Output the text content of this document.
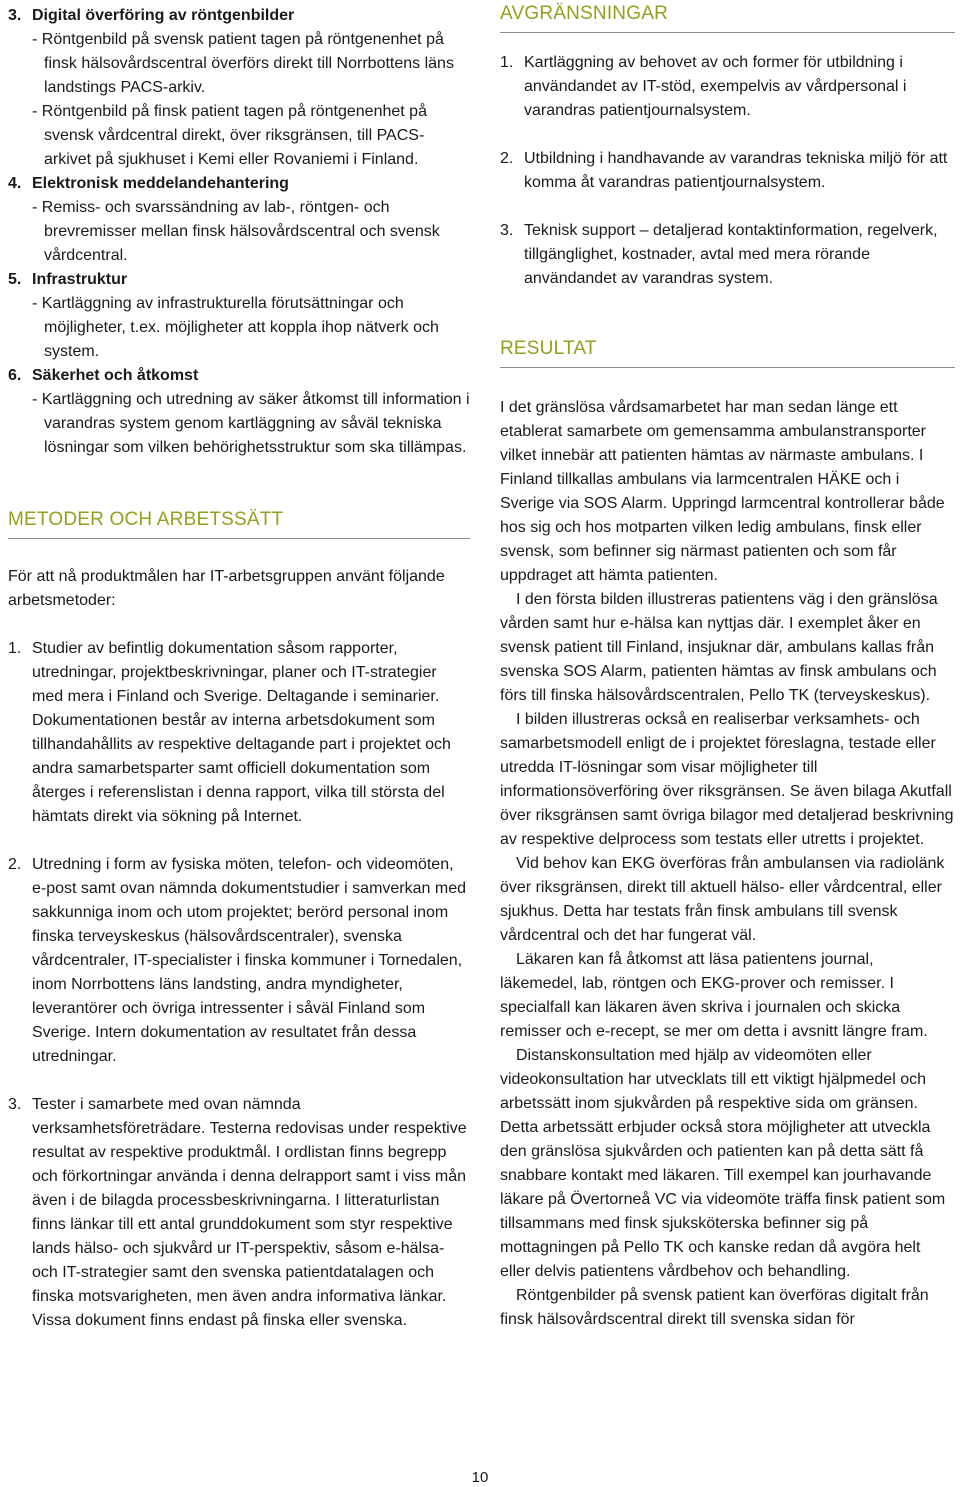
3. Digital överföring av röntgenbilder
- Röntgenbild på svensk patient tagen på röntgenenhet på finsk hälsovårdscentral överförs direkt till Norrbottens läns landstings PACS-arkiv.
- Röntgenbild på finsk patient tagen på röntgenenhet på svensk vårdcentral direkt, över riksgränsen, till PACS-arkivet på sjukhuset i Kemi eller Rovaniemi i Finland.
4. Elektronisk meddelandehantering
- Remiss- och svarssändning av lab-, röntgen- och brevremisser mellan finsk hälsovårdscentral och svensk vårdcentral.
5. Infrastruktur
- Kartläggning av infrastrukturella förutsättningar och möjligheter, t.ex. möjligheter att koppla ihop nätverk och system.
6. Säkerhet och åtkomst
- Kartläggning och utredning av säker åtkomst till information i varandras system genom kartläggning av såväl tekniska lösningar som vilken behörighetsstruktur som ska tillämpas.
METODER OCH ARBETSSÄTT

För att nå produktmålen har IT-arbetsgruppen använt följande arbetsmetoder:

1. Studier av befintlig dokumentation såsom rapporter, utredningar, projektbeskrivningar, planer och IT-strategier med mera i Finland och Sverige. Deltagande i seminarier. Dokumentationen består av interna arbetsdokument som tillhandahållits av respektive deltagande part i projektet och andra samarbetsparter samt officiell dokumentation som återges i referenslistan i denna rapport, vilka till största del hämtats direkt via sökning på Internet.
2. Utredning i form av fysiska möten, telefon- och videomöten, e-post samt ovan nämnda dokumentstudier i samverkan med sakkunniga inom och utom projektet; berörd personal inom finska terveyskeskus (hälsovårdscentraler), svenska vårdcentraler, IT-specialister i finska kommuner i Tornedalen, inom Norrbottens läns landsting, andra myndigheter, leverantörer och övriga intressenter i såväl Finland som Sverige. Intern dokumentation av resultatet från dessa utredningar.
3. Tester i samarbete med ovan nämnda verksamhetsföreträdare. Testerna redovisas under respektive resultat av respektive produktmål. I ordlistan finns begrepp och förkortningar använda i denna delrapport samt i viss mån även i de bilagda processbeskrivningarna. I litteraturlistan finns länkar till ett antal grunddokument som styr respektive lands hälso- och sjukvård ur IT-perspektiv, såsom e-hälsa- och IT-strategier samt den svenska patientdatalagen och finska motsvarigheten, men även andra informativa länkar. Vissa dokument finns endast på finska eller svenska.
AVGRÄNSNINGAR
1. Kartläggning av behovet av och former för utbildning i användandet av IT-stöd, exempelvis av vårdpersonal i varandras patientjournalsystem.
2. Utbildning i handhavande av varandras tekniska miljö för att komma åt varandras patientjournalsystem.
3. Teknisk support – detaljerad kontaktinformation, regelverk, tillgänglighet, kostnader, avtal med mera rörande användandet av varandras system.
RESULTAT

I det gränslösa vårdsamarbetet har man sedan länge ett etablerat samarbete om gemensamma ambulanstransporter vilket innebär att patienten hämtas av närmaste ambulans. I Finland tillkallas ambulans via larmcentralen HÄKE och i Sverige via SOS Alarm. Uppringd larmcentral kontrollerar både hos sig och hos motparten vilken ledig ambulans, finsk eller svensk, som befinner sig närmast patienten och som får uppdraget att hämta patienten.

I den första bilden illustreras patientens väg i den gränslösa vården samt hur e-hälsa kan nyttjas där. I exemplet åker en svensk patient till Finland, insjuknar där, ambulans kallas från svenska SOS Alarm, patienten hämtas av finsk ambulans och förs till finska hälsovårdscentralen, Pello TK (terveyskeskus).

I bilden illustreras också en realiserbar verksamhets- och samarbetsmodell enligt de i projektet föreslagna, testade eller utredda IT-lösningar som visar möjligheter till informationsöverföring över riksgränsen. Se även bilaga Akutfall över riksgränsen samt övriga bilagor med detaljerad beskrivning av respektive delprocess som testats eller utretts i projektet.

Vid behov kan EKG överföras från ambulansen via radiolänk över riksgränsen, direkt till aktuell hälso- eller vårdcentral, eller sjukhus. Detta har testats från finsk ambulans till svensk vårdcentral och det har fungerat väl.

Läkaren kan få åtkomst att läsa patientens journal, läkemedel, lab, röntgen och EKG-prover och remisser. I specialfall kan läkaren även skriva i journalen och skicka remisser och e-recept, se mer om detta i avsnitt längre fram.

Distanskonsultation med hjälp av videomöten eller videokonsultation har utvecklats till ett viktigt hjälpmedel och arbetssätt inom sjukvården på respektive sida om gränsen. Detta arbetssätt erbjuder också stora möjligheter att utveckla den gränslösa sjukvården och patienten kan på detta sätt få snabbare kontakt med läkaren. Till exempel kan jourhavande läkare på Övertorneå VC via videomöte träffa finsk patient som tillsammans med finsk sjuksköterska befinner sig på mottagningen på Pello TK och kanske redan då avgöra helt eller delvis patientens vårdbehov och behandling.

Röntgenbilder på svensk patient kan överföras digitalt från finsk hälsovårdscentral direkt till svenska sidan för

10
